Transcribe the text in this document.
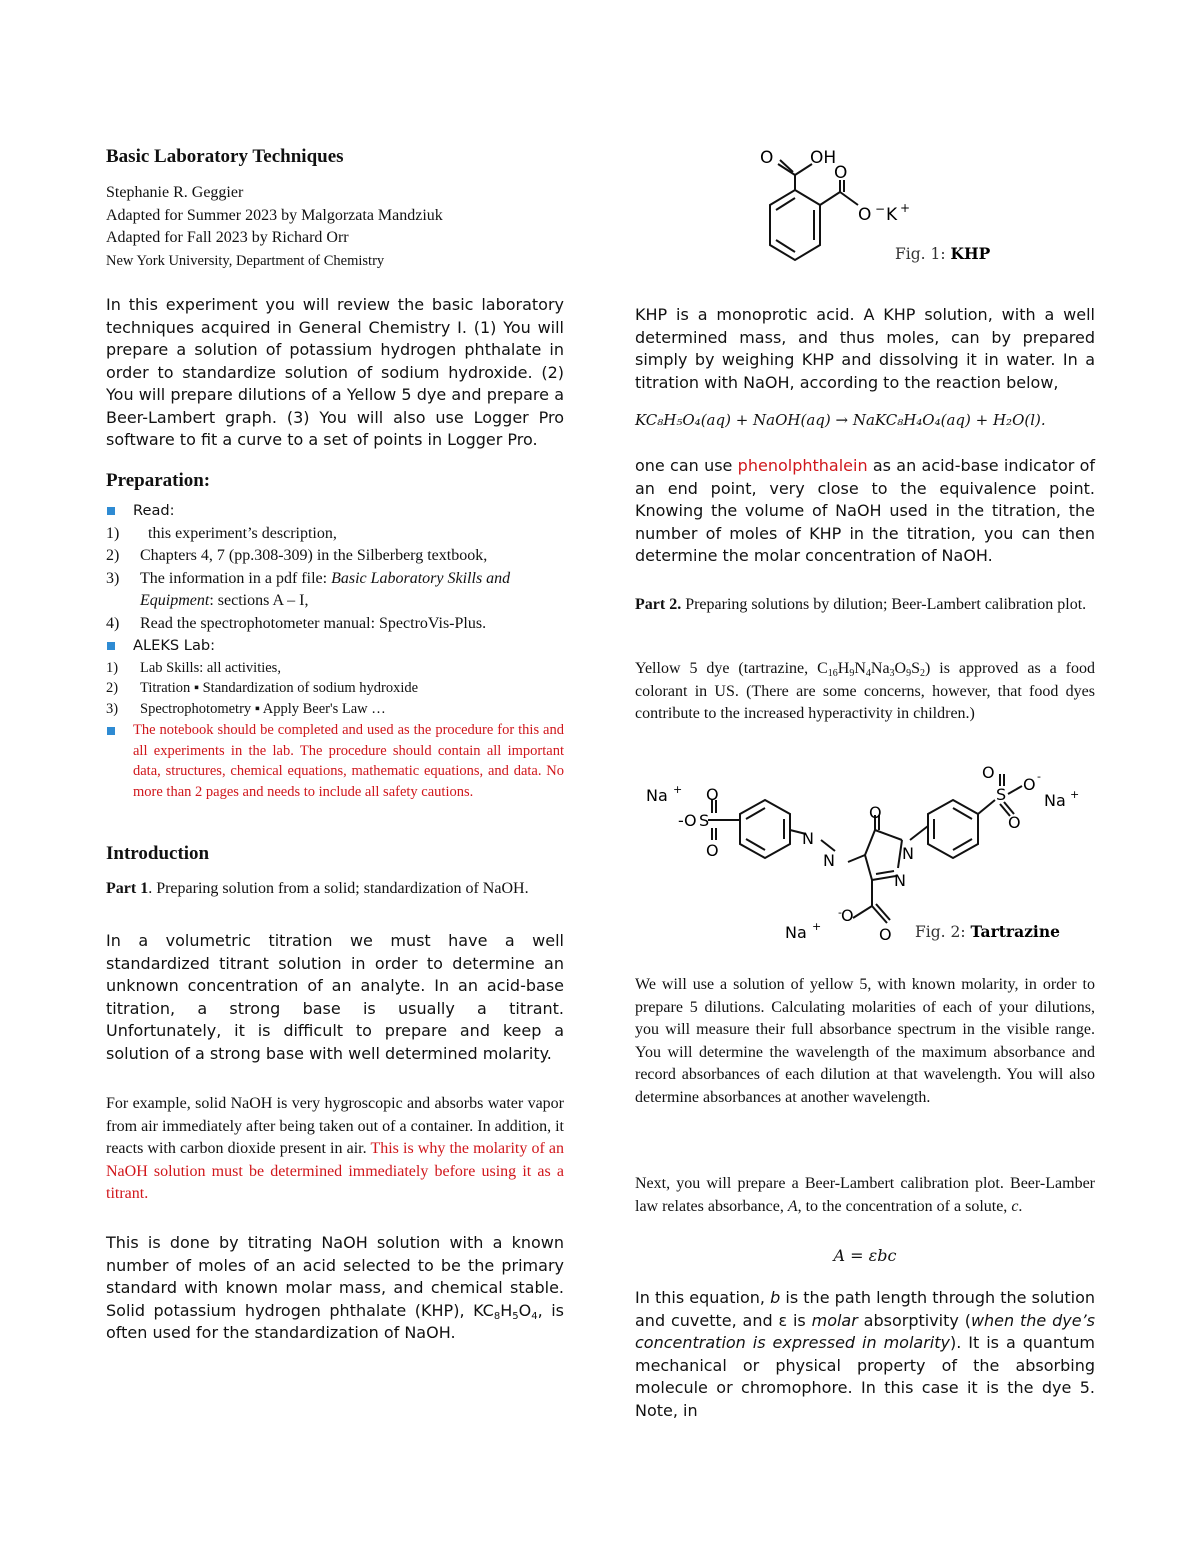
Basic Laboratory Techniques
Stephanie R. Geggier
Adapted for Summer 2023 by Malgorzata Mandziuk
Adapted for Fall 2023 by Richard Orr
New York University, Department of Chemistry

In this experiment you will review the basic laboratory techniques acquired in General Chemistry I. (1) You will prepare a solution of potassium hydrogen phthalate in order to standardize solution of sodium hydroxide. (2) You will prepare dilutions of a Yellow 5 dye and prepare a Beer-Lambert graph. (3) You will also use Logger Pro software to fit a curve to a set of points in Logger Pro.

Preparation:
Read:
1) this experiment’s description,
2) Chapters 4, 7 (pp.308-309) in the Silberberg textbook,
3) The information in a pdf file: Basic Laboratory Skills and Equipment: sections A – I,
4) Read the spectrophotometer manual: SpectroVis-Plus.
ALEKS Lab:
1) Lab Skills: all activities,
2) Titration ▪ Standardization of sodium hydroxide
3) Spectrophotometry ▪ Apply Beer's Law …
The notebook should be completed and used as the procedure for this and all experiments in the lab. The procedure should contain all important data, structures, chemical equations, mathematic equations, and data. No more than 2 pages and needs to include all safety cautions.
Introduction

Part 1. Preparing solution from a solid; standardization of NaOH.

In a volumetric titration we must have a well standardized titrant solution in order to determine an unknown concentration of an analyte. In an acid-base titration, a strong base is usually a titrant. Unfortunately, it is difficult to prepare and keep a solution of a strong base with well determined molarity.

For example, solid NaOH is very hygroscopic and absorbs water vapor from air immediately after being taken out of a container. In addition, it reacts with carbon dioxide present in air. This is why the molarity of an NaOH solution must be determined immediately before using it as a titrant.

This is done by titrating NaOH solution with a known number of moles of an acid selected to be the primary standard with known molar mass, and chemical stable. Solid potassium hydrogen phthalate (KHP), $KC_8H_5O_4$, is often used for the standardization of NaOH.

O OH
O
O − K +
Fig. 1: KHP

KHP is a monoprotic acid. A KHP solution, with a well determined mass, and thus moles, can by prepared simply by weighing KHP and dissolving it in water. In a titration with NaOH, according to the reaction below,

KC₈H₅O₄(aq) + NaOH(aq) → NaKC₈H₄O₄(aq) + H₂O(l).

one can use phenolphthalein as an acid-base indicator of an end point, very close to the equivalence point. Knowing the volume of NaOH used in the titration, the number of moles of KHP in the titration, you can then determine the molar concentration of NaOH.

Part 2. Preparing solutions by dilution; Beer-Lambert calibration plot.

Yellow 5 dye (tartrazine, $C_{16}H_9N_4Na_3O_9S_2$) is approved as a food colorant in US. (There are some concerns, however, that food dyes contribute to the increased hyperactivity in children.)

We will use a solution of yellow 5, with known molarity, in order to prepare 5 dilutions. Calculating molarities of each of your dilutions, you will measure their full absorbance spectrum in the visible range. You will determine the wavelength of the maximum absorbance and record absorbances of each dilution at that wavelength. You will also determine absorbances at another wavelength.

Next, you will prepare a Beer-Lambert calibration plot. Beer-Lamber law relates absorbance, A, to the concentration of a solute, c.

A = εbc

In this equation, b is the path length through the solution and cuvette, and ε is molar absorptivity (when the dye’s concentration is expressed in molarity). It is a quantum mechanical or physical property of the absorbing molecule or chromophore. In this case it is the dye 5. Note, in

Na + O
- O S
O
N
N
O
N
N
- O
O
Na +
S
O
O -
O
Na +
Fig. 2: Tartrazine
